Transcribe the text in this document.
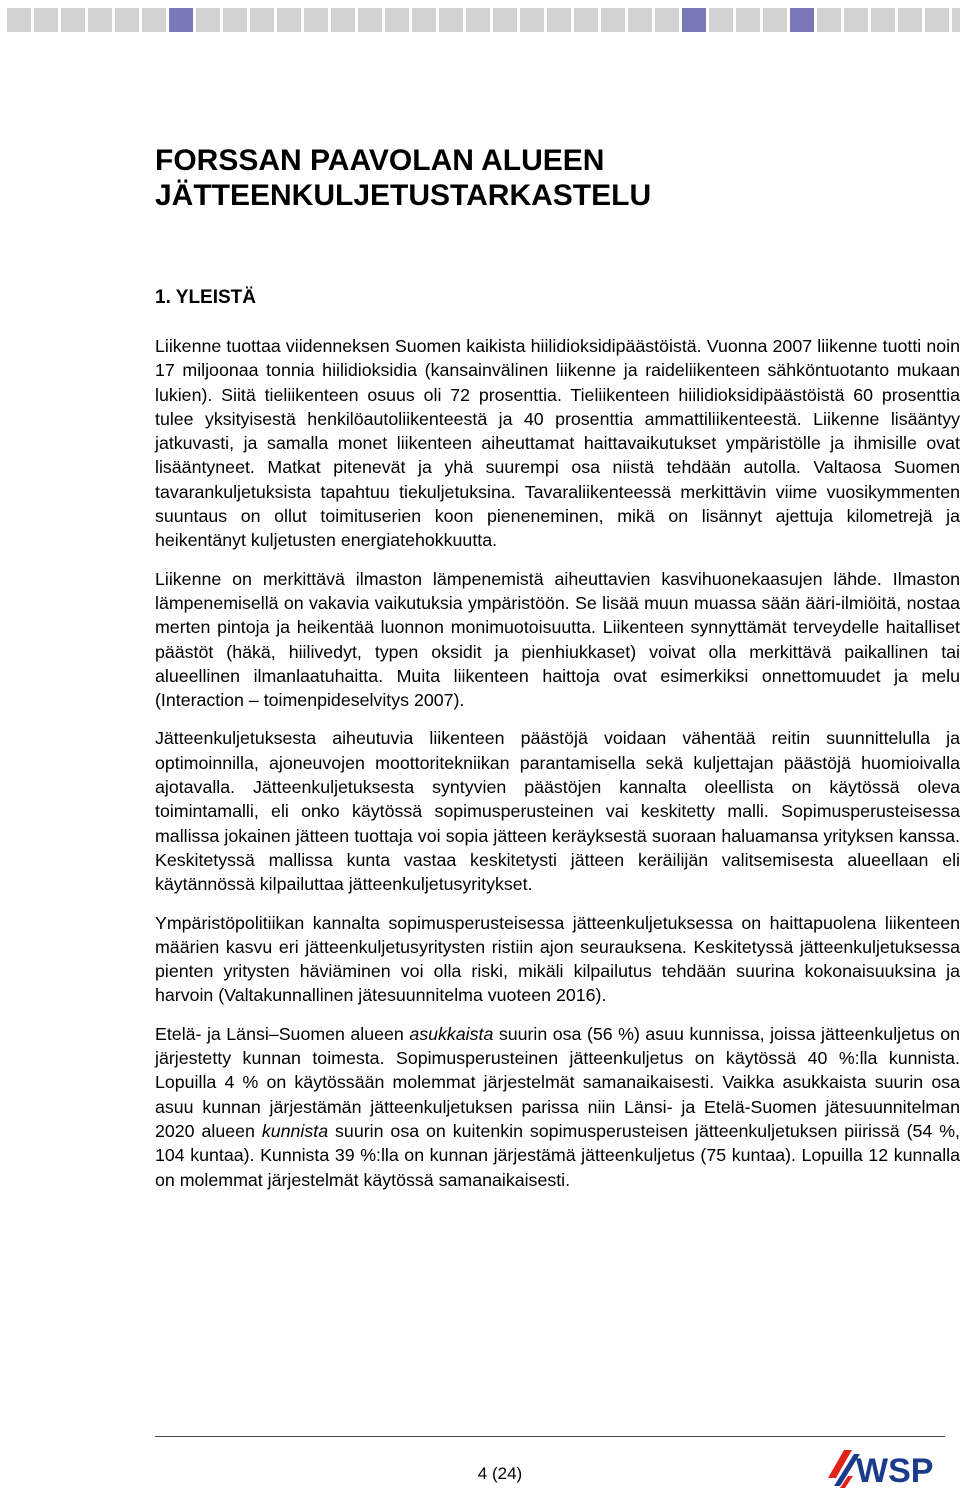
FORSSAN PAAVOLAN ALUEEN
JÄTTEENKULJETUSTARKASTELU
1. YLEISTÄ

Liikenne tuottaa viidenneksen Suomen kaikista hiilidioksidipäästöistä. Vuonna 2007 liikenne tuotti noin 17 miljoonaa tonnia hiilidioksidia (kansainvälinen liikenne ja raideliikenteen sähköntuotanto mukaan lukien). Siitä tieliikenteen osuus oli 72 prosenttia. Tieliikenteen hiilidioksidipäästöistä 60 prosenttia tulee yksityisestä henkilöautoliikenteestä ja 40 prosenttia ammattiliikenteestä. Liikenne lisääntyy jatkuvasti, ja samalla monet liikenteen aiheuttamat haittavaikutukset ympäristölle ja ihmisille ovat lisääntyneet. Matkat pitenevät ja yhä suurempi osa niistä tehdään autolla. Valtaosa Suomen tavarankuljetuksista tapahtuu tiekuljetuksina. Tavaraliikenteessä merkittävin viime vuosikymmenten suuntaus on ollut toimituserien koon pieneneminen, mikä on lisännyt ajettuja kilometrejä ja heikentänyt kuljetusten energiatehokkuutta.

Liikenne on merkittävä ilmaston lämpenemistä aiheuttavien kasvihuonekaasujen lähde. Ilmaston lämpenemisellä on vakavia vaikutuksia ympäristöön. Se lisää muun muassa sään ääri-ilmiöitä, nostaa merten pintoja ja heikentää luonnon monimuotoisuutta. Liikenteen synnyttämät terveydelle haitalliset päästöt (häkä, hiilivedyt, typen oksidit ja pienhiukkaset) voivat olla merkittävä paikallinen tai alueellinen ilmanlaatuhaitta. Muita liikenteen haittoja ovat esimerkiksi onnettomuudet ja melu (Interaction – toimenpideselvitys 2007).

Jätteenkuljetuksesta aiheutuvia liikenteen päästöjä voidaan vähentää reitin suunnittelulla ja optimoinnilla, ajoneuvojen moottoritekniikan parantamisella sekä kuljettajan päästöjä huomioivalla ajotavalla. Jätteenkuljetuksesta syntyvien päästöjen kannalta oleellista on käytössä oleva toimintamalli, eli onko käytössä sopimusperusteinen vai keskitetty malli. Sopimusperusteisessa mallissa jokainen jätteen tuottaja voi sopia jätteen keräyksestä suoraan haluamansa yrityksen kanssa. Keskitetyssä mallissa kunta vastaa keskitetysti jätteen keräilijän valitsemisesta alueellaan eli käytännössä kilpailuttaa jätteenkuljetusyritykset.

Ympäristöpolitiikan kannalta sopimusperusteisessa jätteenkuljetuksessa on haittapuolena liikenteen määrien kasvu eri jätteenkuljetusyritysten ristiin ajon seurauksena. Keskitetyssä jätteenkuljetuksessa pienten yritysten häviäminen voi olla riski, mikäli kilpailutus tehdään suurina kokonaisuuksina ja harvoin (Valtakunnallinen jätesuunnitelma vuoteen 2016).

Etelä- ja Länsi–Suomen alueen asukkaista suurin osa (56 %) asuu kunnissa, joissa jätteenkuljetus on järjestetty kunnan toimesta. Sopimusperusteinen jätteenkuljetus on käytössä 40 %:lla kunnista. Lopuilla 4 % on käytössään molemmat järjestelmät samanaikaisesti. Vaikka asukkaista suurin osa asuu kunnan järjestämän jätteenkuljetuksen parissa niin Länsi- ja Etelä-Suomen jätesuunnitelman 2020 alueen kunnista suurin osa on kuitenkin sopimusperusteisen jätteenkuljetuksen piirissä (54 %, 104 kuntaa). Kunnista 39 %:lla on kunnan järjestämä jätteenkuljetus (75 kuntaa). Lopuilla 12 kunnalla on molemmat järjestelmät käytössä samanaikaisesti.

4 (24)	WSP
